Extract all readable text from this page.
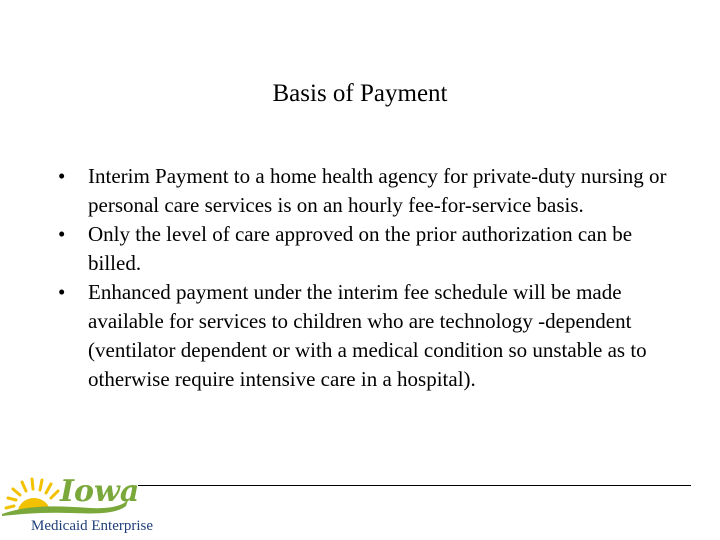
Basis of Payment
•	Interim Payment to a home health agency for private-duty nursing or personal care services is on an hourly fee-for-service basis.
•	Only the level of care approved on the prior authorization can be billed.
•	Enhanced payment under the interim fee schedule will be made available for services to children who are technology -dependent (ventilator dependent or with a medical condition so unstable as to otherwise require intensive care in a hospital).
Iowa
Medicaid Enterprise
